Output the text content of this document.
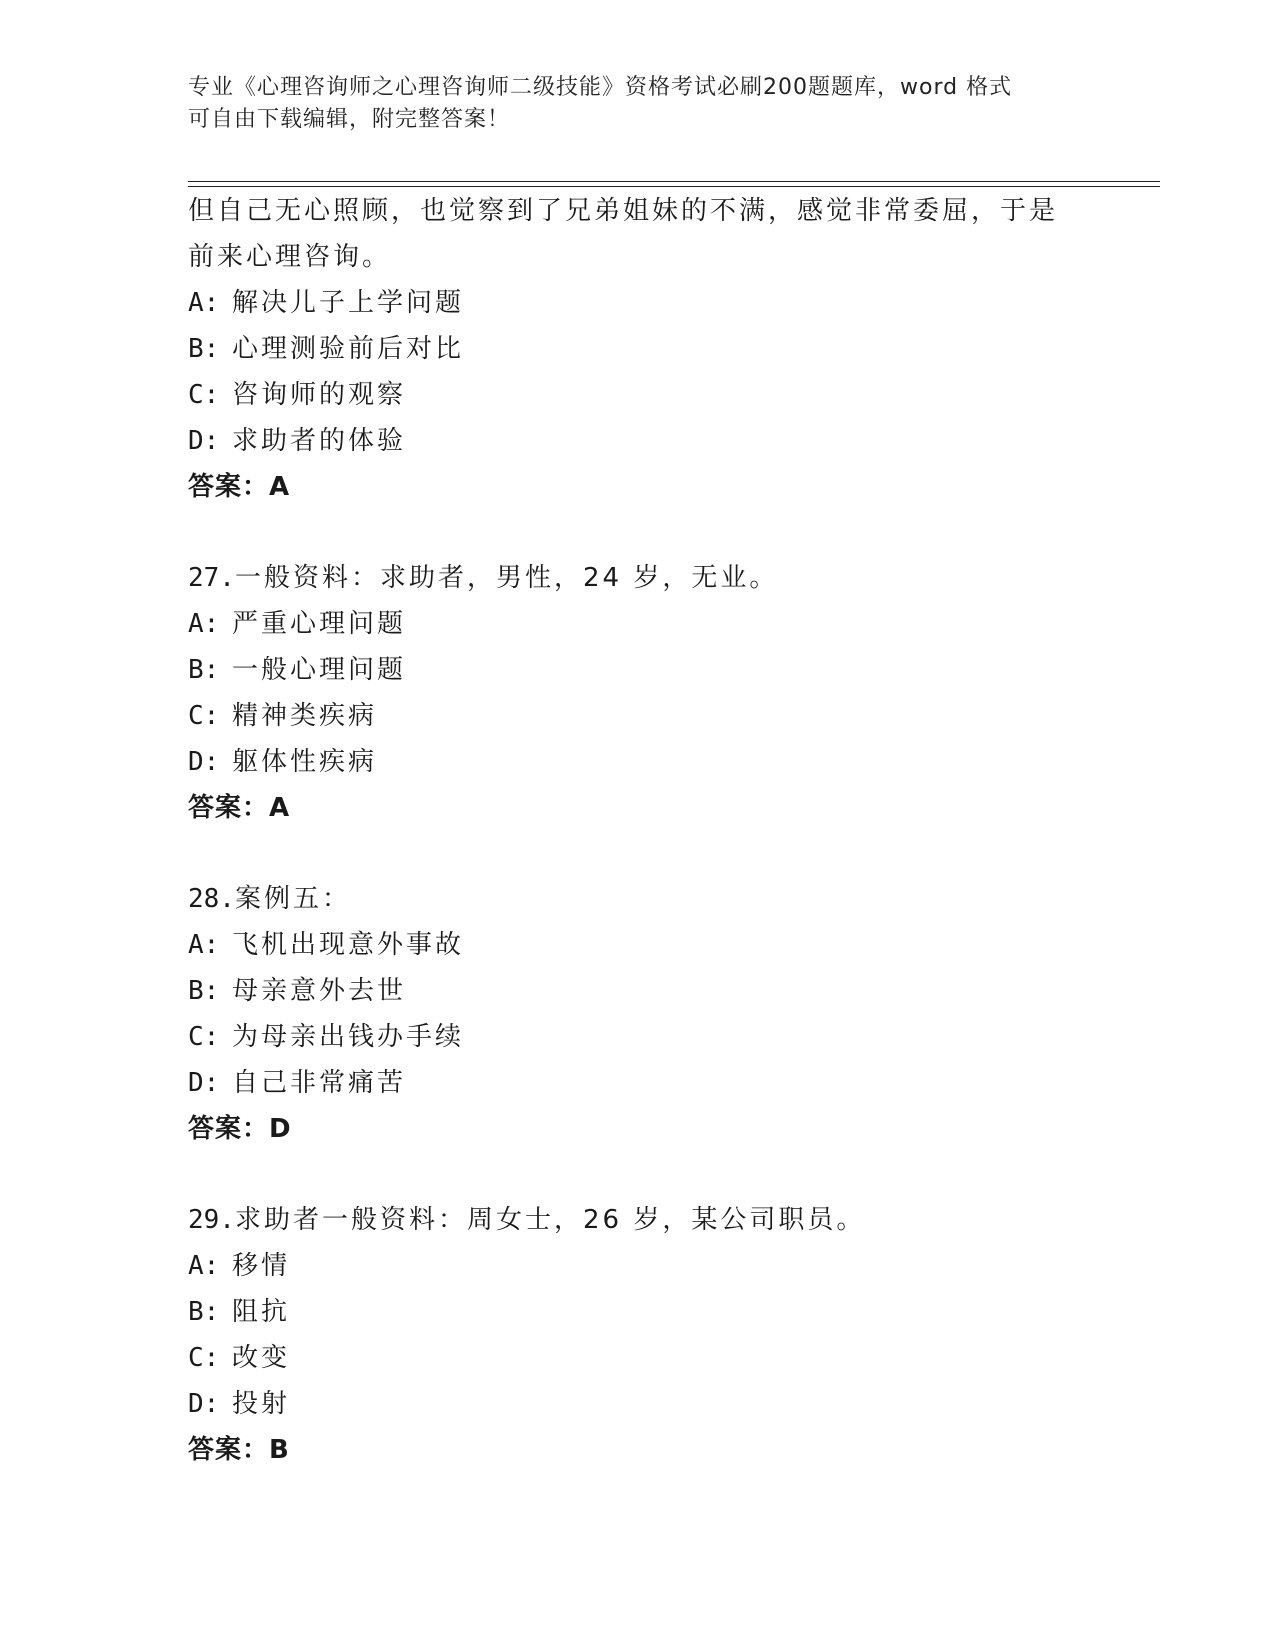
专业《心理咨询师之心理咨询师二级技能》资格考试必刷200题题库，word 格式
可自由下载编辑，附完整答案！
但自己无心照顾，也觉察到了兄弟姐妹的不满，感觉非常委屈，于是
前来心理咨询。
A: 解决儿子上学问题
B: 心理测验前后对比
C: 咨询师的观察
D: 求助者的体验
答案：A
27.一般资料：求助者，男性，24 岁，无业。
A: 严重心理问题
B: 一般心理问题
C: 精神类疾病
D: 躯体性疾病
答案：A
28.案例五：
A: 飞机出现意外事故
B: 母亲意外去世
C: 为母亲出钱办手续
D: 自己非常痛苦
答案：D
29.求助者一般资料：周女士，26 岁，某公司职员。
A: 移情
B: 阻抗
C: 改变
D: 投射
答案：B
